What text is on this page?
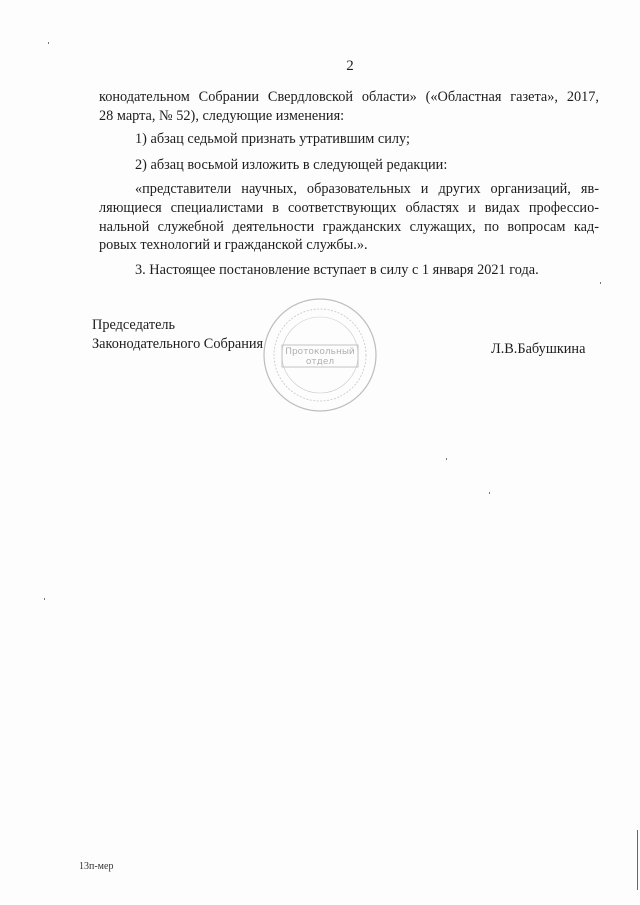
2
конодательном Собрании Свердловской области» («Областная газета», 2017,
28 марта, № 52), следующие изменения:
1) абзац седьмой признать утратившим силу;
2) абзац восьмой изложить в следующей редакции:
«представители научных, образовательных и других организаций, яв-
ляющиеся специалистами в соответствующих областях и видах профессио-
нальной служебной деятельности гражданских служащих, по вопросам кад-
ровых технологий и гражданской службы.».
3. Настоящее постановление вступает в силу с 1 января 2021 года.
Председатель
Законодательного Собрания
Протокольный
отдел
Л.В.Бабушкина
13п-мер
